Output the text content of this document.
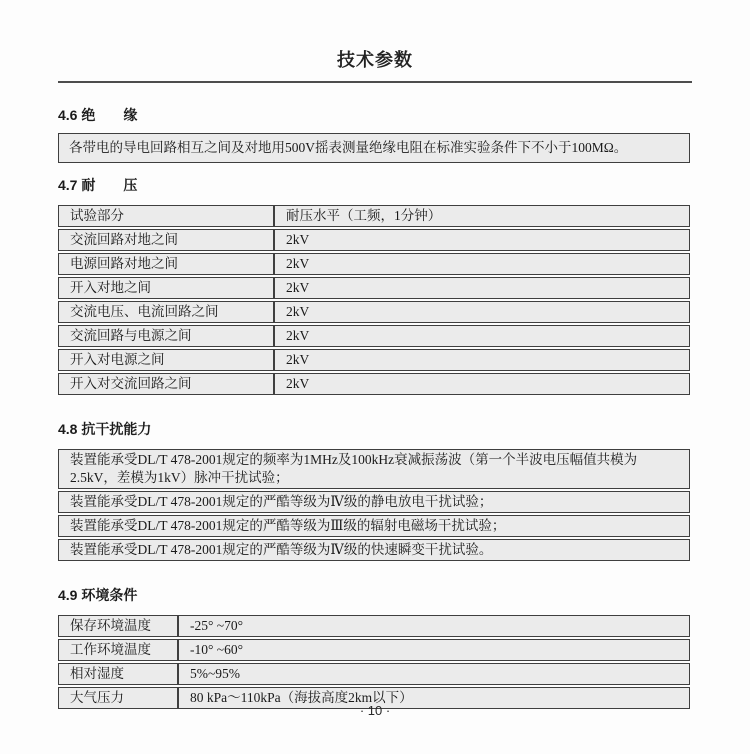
技术参数
4.6 绝　　缘
各带电的导电回路相互之间及对地用500V摇表测量绝缘电阻在标准实验条件下不小于100MΩ。
4.7 耐　　压
试验部分	耐压水平（工频，1分钟）
交流回路对地之间	2kV
电源回路对地之间	2kV
开入对地之间	2kV
交流电压、电流回路之间	2kV
交流回路与电源之间	2kV
开入对电源之间	2kV
开入对交流回路之间	2kV
4.8 抗干扰能力
装置能承受DL/T 478-2001规定的频率为1MHz及100kHz衰减振荡波（第一个半波电压幅值共模为2.5kV，差模为1kV）脉冲干扰试验；
装置能承受DL/T 478-2001规定的严酷等级为Ⅳ级的静电放电干扰试验；
装置能承受DL/T 478-2001规定的严酷等级为Ⅲ级的辐射电磁场干扰试验；
装置能承受DL/T 478-2001规定的严酷等级为Ⅳ级的快速瞬变干扰试验。
4.9 环境条件
保存环境温度	-25° ~70°
工作环境温度	-10° ~60°
相对湿度	5%~95%
大气压力	80 kPa～110kPa（海拔高度2km以下）
· 10 ·
